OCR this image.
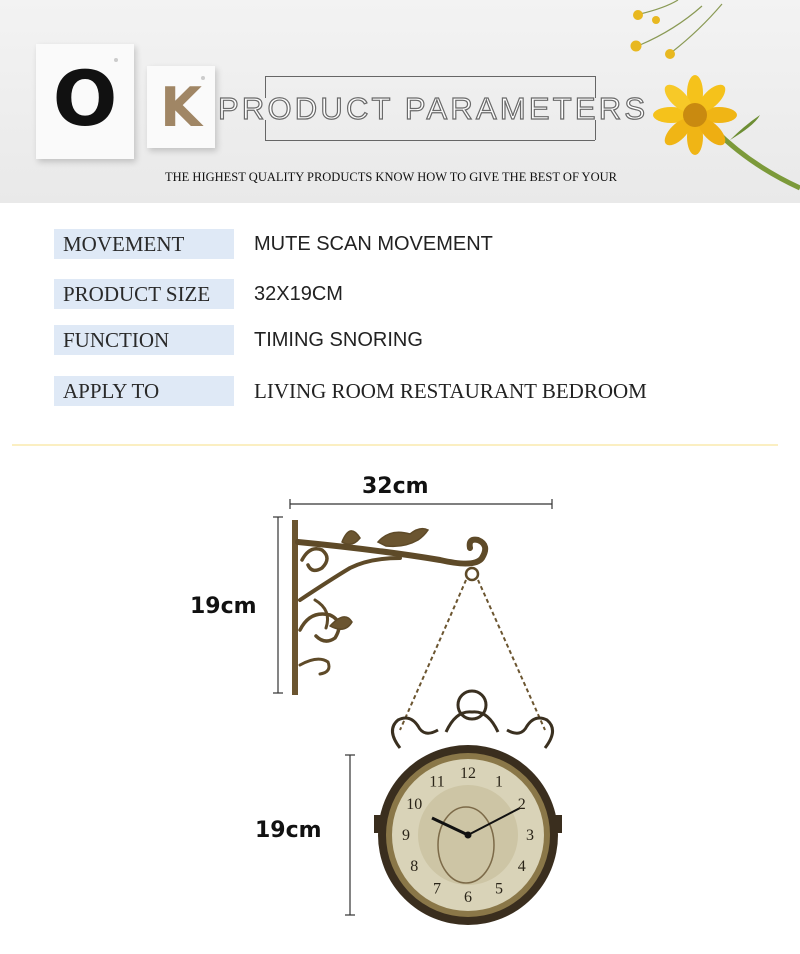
O K PRODUCT PARAMETERS
THE HIGHEST QUALITY PRODUCTS KNOW HOW TO GIVE THE BEST OF YOUR
MOVEMENT	MUTE SCAN MOVEMENT
PRODUCT SIZE	32X19CM
FUNCTION	TIMING SNORING
APPLY TO	LIVING ROOM RESTAURANT BEDROOM
12 1
2
3
4
5
6
7
8
9
10
11
32cm
19cm
19cm
